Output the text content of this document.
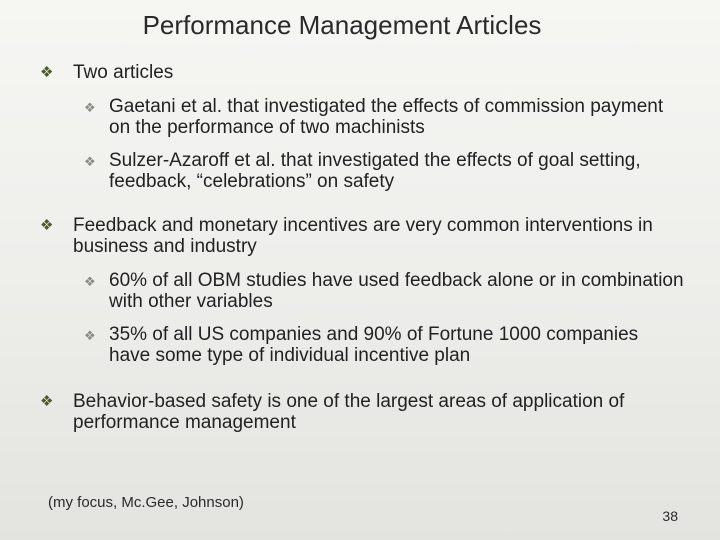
Performance Management Articles
❖ Two articles
❖ Gaetani et al. that investigated the effects of commission payment on the performance of two machinists
❖ Sulzer-Azaroff et al. that investigated the effects of goal setting, feedback, “celebrations” on safety
❖ Feedback and monetary incentives are very common interventions in business and industry
❖ 60% of all OBM studies have used feedback alone or in combination with other variables
❖ 35% of all US companies and 90% of Fortune 1000 companies have some type of individual incentive plan
❖ Behavior-based safety is one of the largest areas of application of performance management
(my focus, Mc.Gee, Johnson)
38
